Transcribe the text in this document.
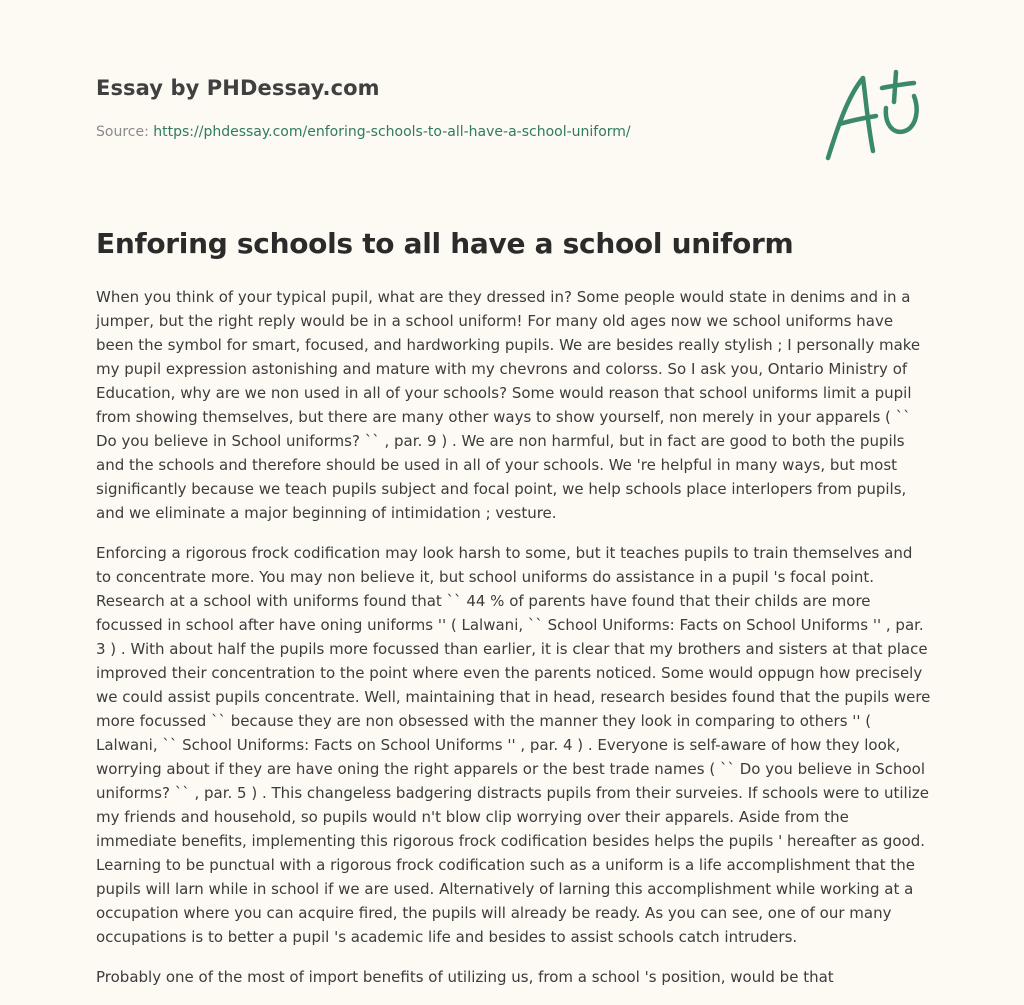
Essay by PHDessay.com
Source: https://phdessay.com/enforing-schools-to-all-have-a-school-uniform/
Enforing schools to all have a school uniform

When you think of your typical pupil, what are they dressed in? Some people would state in denims and in a jumper, but the right reply would be in a school uniform! For many old ages now we school uniforms have been the symbol for smart, focused, and hardworking pupils. We are besides really stylish ; I personally make my pupil expression astonishing and mature with my chevrons and colorss. So I ask you, Ontario Ministry of Education, why are we non used in all of your schools? Some would reason that school uniforms limit a pupil from showing themselves, but there are many other ways to show yourself, non merely in your apparels ( `` Do you believe in School uniforms? `` , par. 9 ) . We are non harmful, but in fact are good to both the pupils and the schools and therefore should be used in all of your schools. We 're helpful in many ways, but most significantly because we teach pupils subject and focal point, we help schools place interlopers from pupils, and we eliminate a major beginning of intimidation ; vesture.

Enforcing a rigorous frock codification may look harsh to some, but it teaches pupils to train themselves and to concentrate more. You may non believe it, but school uniforms do assistance in a pupil 's focal point. Research at a school with uniforms found that `` 44 % of parents have found that their childs are more focussed in school after have oning uniforms '' ( Lalwani, `` School Uniforms: Facts on School Uniforms '' , par. 3 ) . With about half the pupils more focussed than earlier, it is clear that my brothers and sisters at that place improved their concentration to the point where even the parents noticed. Some would oppugn how precisely we could assist pupils concentrate. Well, maintaining that in head, research besides found that the pupils were more focussed `` because they are non obsessed with the manner they look in comparing to others '' ( Lalwani, `` School Uniforms: Facts on School Uniforms '' , par. 4 ) . Everyone is self-aware of how they look, worrying about if they are have oning the right apparels or the best trade names ( `` Do you believe in School uniforms? `` , par. 5 ) . This changeless badgering distracts pupils from their surveies. If schools were to utilize my friends and household, so pupils would n't blow clip worrying over their apparels. Aside from the immediate benefits, implementing this rigorous frock codification besides helps the pupils ' hereafter as good. Learning to be punctual with a rigorous frock codification such as a uniform is a life accomplishment that the pupils will larn while in school if we are used. Alternatively of larning this accomplishment while working at a occupation where you can acquire fired, the pupils will already be ready. As you can see, one of our many occupations is to better a pupil 's academic life and besides to assist schools catch intruders.

Probably one of the most of import benefits of utilizing us, from a school 's position, would be that
